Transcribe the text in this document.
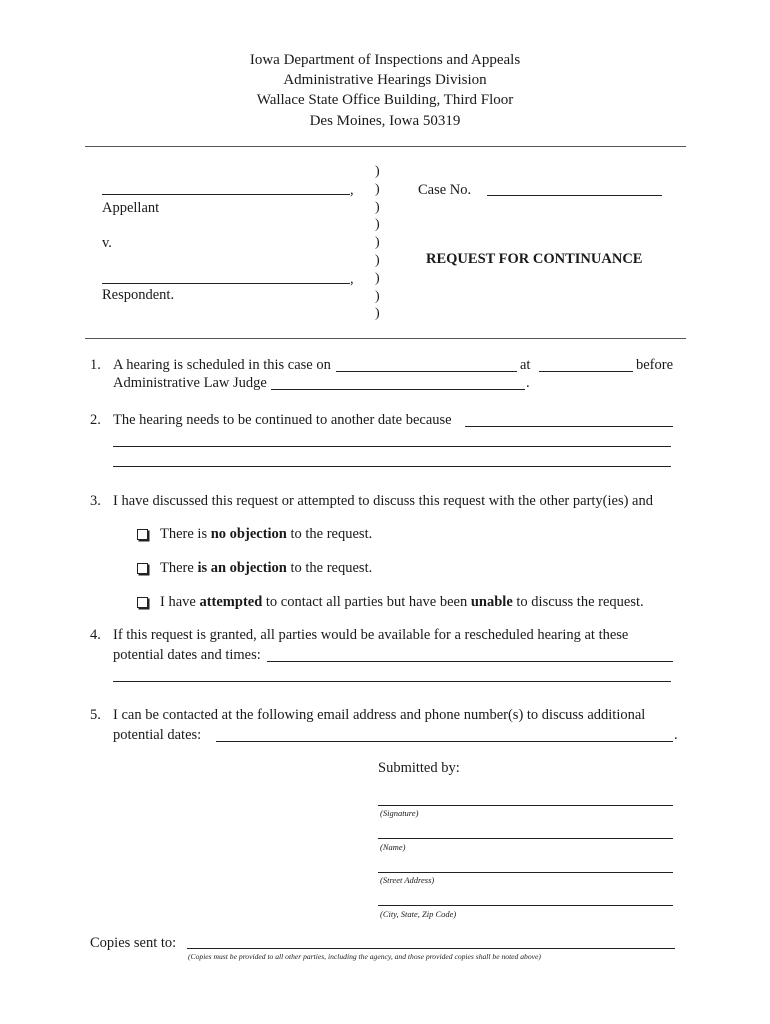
Iowa Department of Inspections and Appeals
Administrative Hearings Division
Wallace State Office Building, Third Floor
Des Moines, Iowa 50319
,
Appellant
v.
,
Respondent.
)
)
)
)
)
)
)
)
)
Case No.
REQUEST FOR CONTINUANCE
1. A hearing is scheduled in this case on	at	before
Administrative Law Judge	.
2. The hearing needs to be continued to another date because
3. I have discussed this request or attempted to discuss this request with the other party(ies) and
There is no objection to the request.
There is an objection to the request.
I have attempted to contact all parties but have been unable to discuss the request.
4. If this request is granted, all parties would be available for a rescheduled hearing at these
potential dates and times:
5. I can be contacted at the following email address and phone number(s) to discuss additional
potential dates:	.
Submitted by:
(Signature)
(Name)
(Street Address)
(City, State, Zip Code)
Copies sent to:
(Copies must be provided to all other parties, including the agency, and those provided copies shall be noted above)
